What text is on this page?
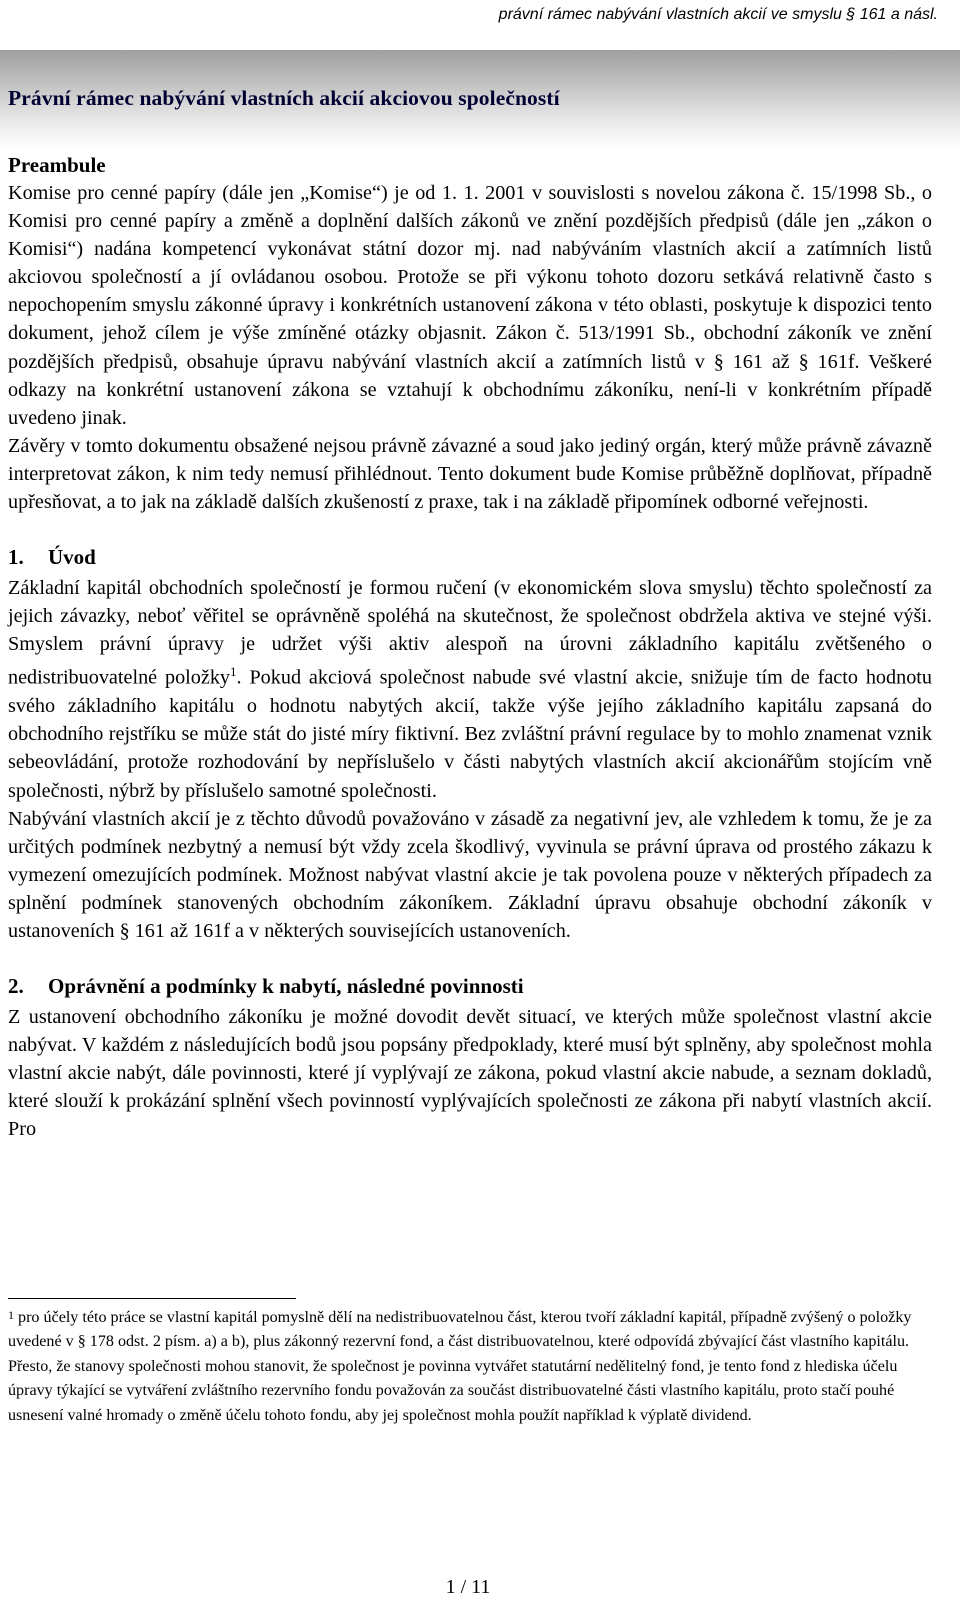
právní rámec nabývání vlastních akcií ve smyslu § 161 a násl.
Právní rámec nabývání vlastních akcií akciovou společností
Preambule

Komise pro cenné papíry (dále jen „Komise“) je od 1. 1. 2001 v souvislosti s novelou zákona č. 15/1998 Sb., o Komisi pro cenné papíry a změně a doplnění dalších zákonů ve znění pozdějších předpisů (dále jen „zákon o Komisi“) nadána kompetencí vykonávat státní dozor mj. nad nabýváním vlastních akcií a zatímních listů akciovou společností a jí ovládanou osobou. Protože se při výkonu tohoto dozoru setkává relativně často s nepochopením smyslu zákonné úpravy i konkrétních ustanovení zákona v této oblasti, poskytuje k dispozici tento dokument, jehož cílem je výše zmíněné otázky objasnit. Zákon č. 513/1991 Sb., obchodní zákoník ve znění pozdějších předpisů, obsahuje úpravu nabývání vlastních akcií a zatímních listů v § 161 až § 161f. Veškeré odkazy na konkrétní ustanovení zákona se vztahují k obchodnímu zákoníku, není-li v konkrétním případě uvedeno jinak.

Závěry v tomto dokumentu obsažené nejsou právně závazné a soud jako jediný orgán, který může právně závazně interpretovat zákon, k nim tedy nemusí přihlédnout. Tento dokument bude Komise průběžně doplňovat, případně upřesňovat, a to jak na základě dalších zkušeností z praxe, tak i na základě připomínek odborné veřejnosti.

1. Úvod

Základní kapitál obchodních společností je formou ručení (v ekonomickém slova smyslu) těchto společností za jejich závazky, neboť věřitel se oprávněně spoléhá na skutečnost, že společnost obdržela aktiva ve stejné výši. Smyslem právní úpravy je udržet výši aktiv alespoň na úrovni základního kapitálu zvětšeného o nedistribuovatelné položky$^1$. Pokud akciová společnost nabude své vlastní akcie, snižuje tím de facto hodnotu svého základního kapitálu o hodnotu nabytých akcií, takže výše jejího základního kapitálu zapsaná do obchodního rejstříku se může stát do jisté míry fiktivní. Bez zvláštní právní regulace by to mohlo znamenat vznik sebeovládání, protože rozhodování by nepříslušelo v části nabytých vlastních akcií akcionářům stojícím vně společnosti, nýbrž by příslušelo samotné společnosti.

Nabývání vlastních akcií je z těchto důvodů považováno v zásadě za negativní jev, ale vzhledem k tomu, že je za určitých podmínek nezbytný a nemusí být vždy zcela škodlivý, vyvinula se právní úprava od prostého zákazu k vymezení omezujících podmínek. Možnost nabývat vlastní akcie je tak povolena pouze v některých případech za splnění podmínek stanovených obchodním zákoníkem. Základní úpravu obsahuje obchodní zákoník v ustanoveních § 161 až 161f a v některých souvisejících ustanoveních.

2. Oprávnění a podmínky k nabytí, následné povinnosti

Z ustanovení obchodního zákoníku je možné dovodit devět situací, ve kterých může společnost vlastní akcie nabývat. V každém z následujících bodů jsou popsány předpoklady, které musí být splněny, aby společnost mohla vlastní akcie nabýt, dále povinnosti, které jí vyplývají ze zákona, pokud vlastní akcie nabude, a seznam dokladů, které slouží k prokázání splnění všech povinností vyplývajících společnosti ze zákona při nabytí vlastních akcií. Pro

$^1$ pro účely této práce se vlastní kapitál pomyslně dělí na nedistribuovatelnou část, kterou tvoří základní kapitál, případně zvýšený o položky uvedené v § 178 odst. 2 písm. a) a b), plus zákonný rezervní fond, a část distribuovatelnou, které odpovídá zbývající část vlastního kapitálu. Přesto, že stanovy společnosti mohou stanovit, že společnost je povinna vytvářet statutární nedělitelný fond, je tento fond z hlediska účelu úpravy týkající se vytváření zvláštního rezervního fondu považován za součást distribuovatelné části vlastního kapitálu, proto stačí pouhé usnesení valné hromady o změně účelu tohoto fondu, aby jej společnost mohla použít například k výplatě dividend.

1 / 11
